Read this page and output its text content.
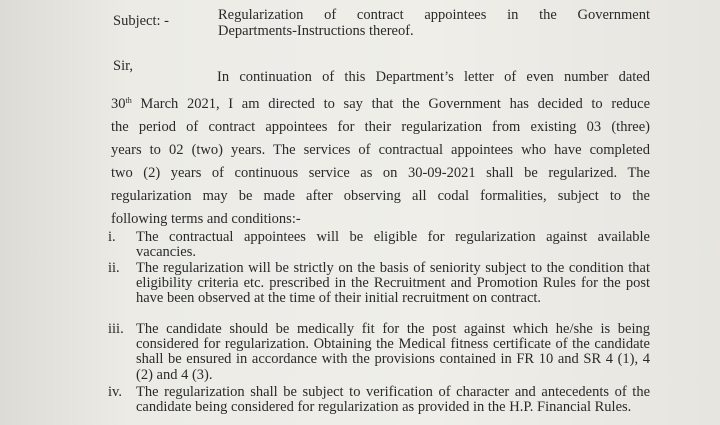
Subject: -	Regularization of contract appointees in the Government
Departments-Instructions thereof.
Sir,
In continuation of this Department’s letter of even number dated
30th March 2021, I am directed to say that the Government has decided to reduce
the period of contract appointees for their regularization from existing 03 (three)
years to 02 (two) years. The services of contractual appointees who have completed
two (2) years of continuous service as on 30-09-2021 shall be regularized. The
regularization may be made after observing all codal formalities, subject to the
following terms and conditions:-
i.	The contractual appointees will be eligible for regularization against available vacancies.
ii.	The regularization will be strictly on the basis of seniority subject to the condition that eligibility criteria etc. prescribed in the Recruitment and Promotion Rules for the post have been observed at the time of their initial recruitment on contract.
iii. The candidate should be medically fit for the post against which he/she is being considered for regularization. Obtaining the Medical fitness certificate of the candidate shall be ensured in accordance with the provisions contained in FR 10 and SR 4 (1), 4 (2) and 4 (3).
iv. The regularization shall be subject to verification of character and antecedents of the candidate being considered for regularization as provided in the H.P. Financial Rules.
